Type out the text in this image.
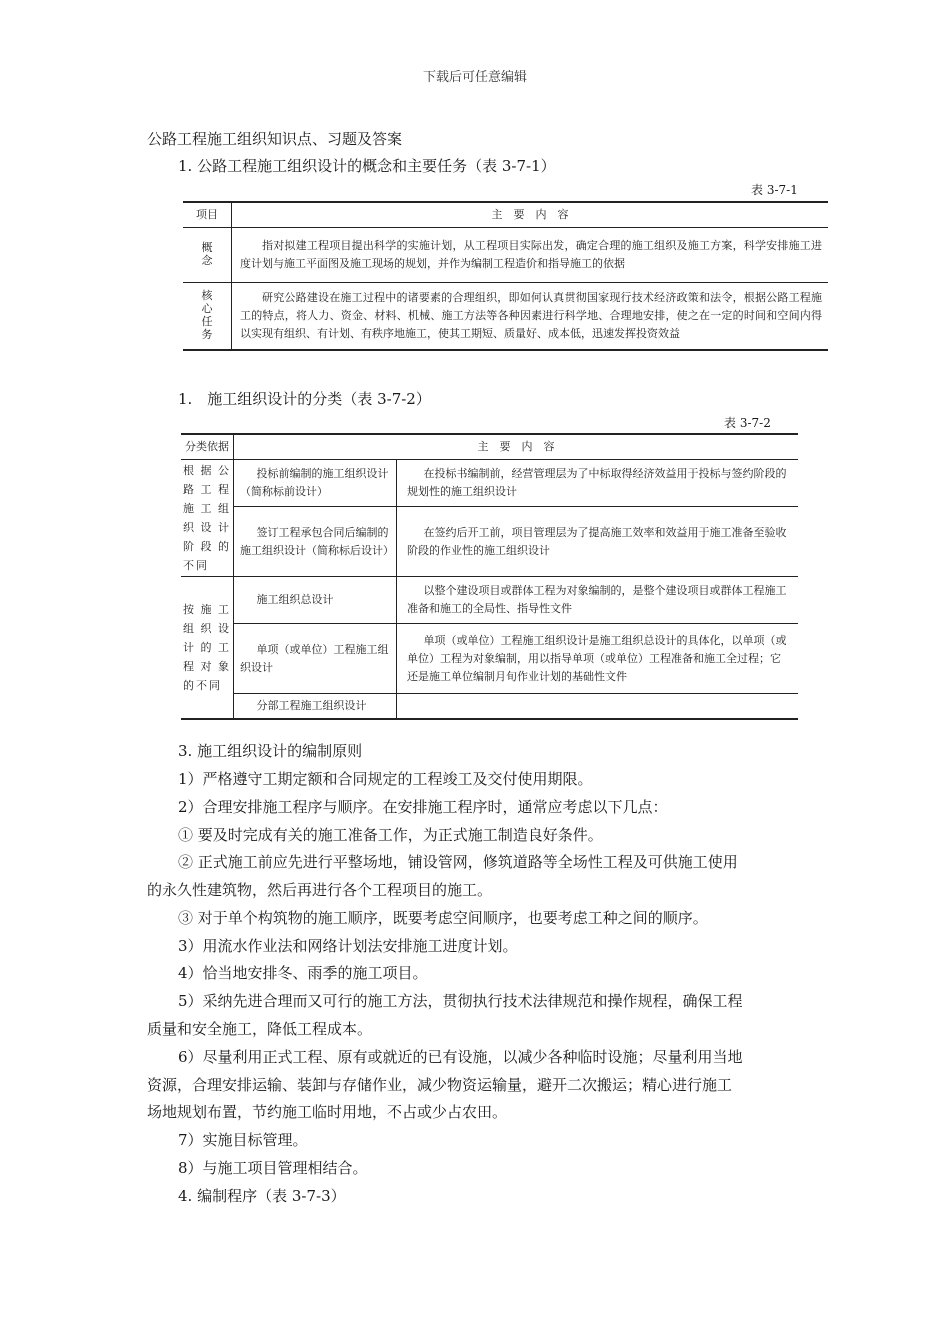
下载后可任意编辑
公路工程施工组织知识点、习题及答案
1. 公路工程施工组织设计的概念和主要任务（表 3-7-1）
表 3-7-1
项目	主　要　内　容
概念	指对拟建工程项目提出科学的实施计划，从工程项目实际出发，确定合理的施工组织及施工方案，科学安排施工进度计划与施工平面图及施工现场的规划，并作为编制工程造价和指导施工的依据
核心任务	研究公路建设在施工过程中的诸要素的合理组织，即如何认真贯彻国家现行技术经济政策和法令，根据公路工程施工的特点，将人力、资金、材料、机械、施工方法等各种因素进行科学地、合理地安排，使之在一定的时间和空间内得以实现有组织、有计划、有秩序地施工，使其工期短、质量好、成本低，迅速发挥投资效益
1.　施工组织设计的分类（表 3-7-2）
表 3-7-2
分类依据	主　要　内　容	
根据公路工程施工组织设计阶段的不同	投标前编制的施工组织设计（简称标前设计）	在投标书编制前，经营管理层为了中标取得经济效益用于投标与签约阶段的规划性的施工组织设计
	签订工程承包合同后编制的施工组织设计（简称标后设计）	在签约后开工前，项目管理层为了提高施工效率和效益用于施工准备至验收阶段的作业性的施工组织设计
按施工组织设计的工程对象的不同	施工组织总设计	以整个建设项目或群体工程为对象编制的，是整个建设项目或群体工程施工准备和施工的全局性、指导性文件
	单项（或单位）工程施工组织设计	单项（或单位）工程施工组织设计是施工组织总设计的具体化，以单项（或单位）工程为对象编制，用以指导单项（或单位）工程准备和施工全过程；它还是施工单位编制月旬作业计划的基础性文件
	分部工程施工组织设计	
3. 施工组织设计的编制原则
1）严格遵守工期定额和合同规定的工程竣工及交付使用期限。
2）合理安排施工程序与顺序。在安排施工程序时，通常应考虑以下几点：
① 要及时完成有关的施工准备工作，为正式施工制造良好条件。
② 正式施工前应先进行平整场地，铺设管网，修筑道路等全场性工程及可供施工使用
的永久性建筑物，然后再进行各个工程项目的施工。
③ 对于单个构筑物的施工顺序，既要考虑空间顺序，也要考虑工种之间的顺序。
3）用流水作业法和网络计划法安排施工进度计划。
4）恰当地安排冬、雨季的施工项目。
5）采纳先进合理而又可行的施工方法，贯彻执行技术法律规范和操作规程，确保工程
质量和安全施工，降低工程成本。
6）尽量利用正式工程、原有或就近的已有设施，以减少各种临时设施；尽量利用当地
资源，合理安排运输、装卸与存储作业，减少物资运输量，避开二次搬运；精心进行施工
场地规划布置，节约施工临时用地，不占或少占农田。
7）实施目标管理。
8）与施工项目管理相结合。
4. 编制程序（表 3-7-3）
